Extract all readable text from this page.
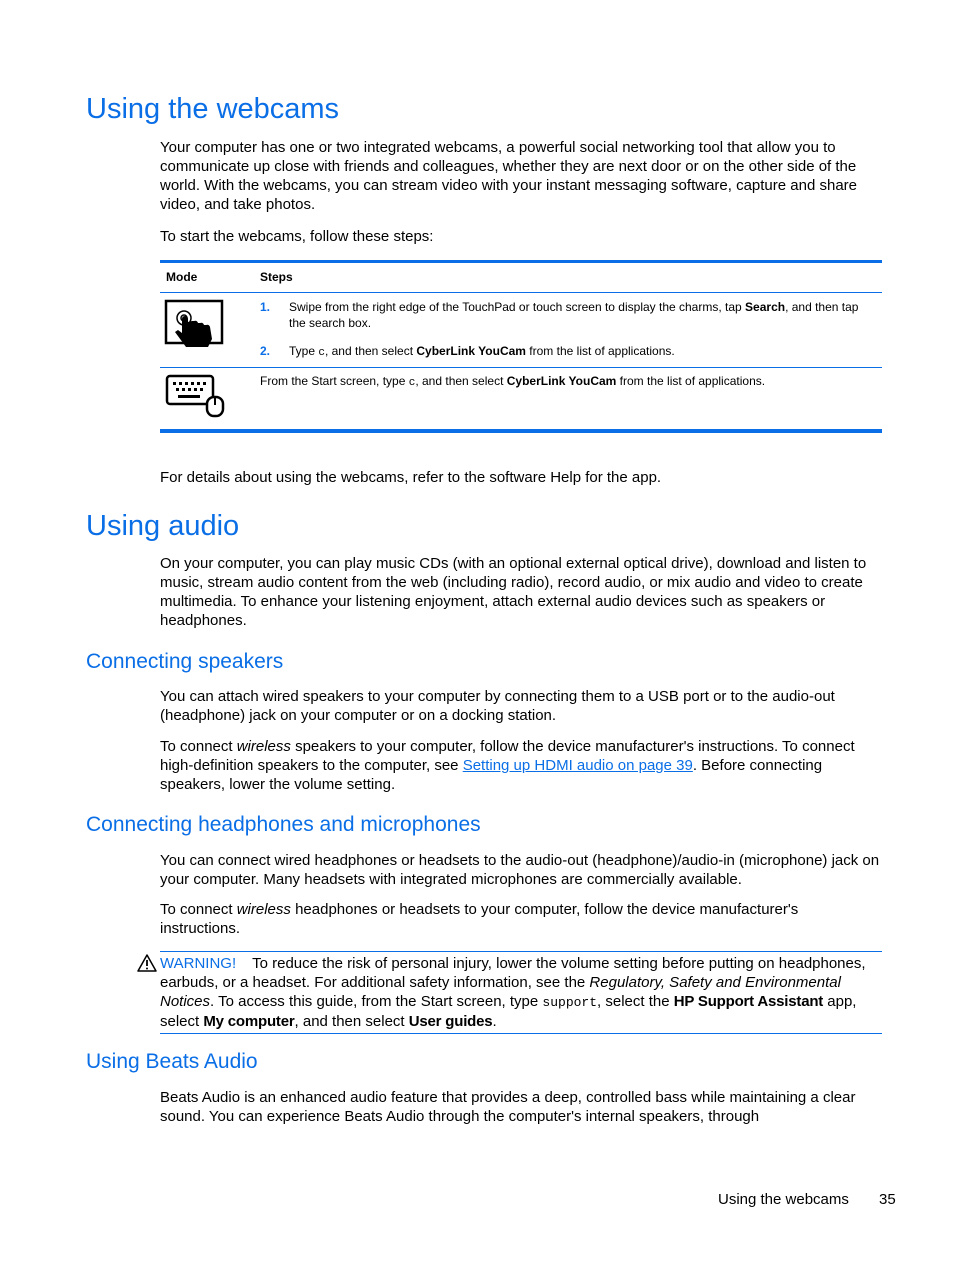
Using the webcams

Your computer has one or two integrated webcams, a powerful social networking tool that allow you to communicate up close with friends and colleagues, whether they are next door or on the other side of the world. With the webcams, you can stream video with your instant messaging software, capture and share video, and take photos.

To start the webcams, follow these steps:

Mode	Steps
1. Swipe from the right edge of the TouchPad or touch screen to display the charms, tap Search, and then tap the search box.
2. Type c, and then select CyberLink YouCam from the list of applications.
From the Start screen, type c, and then select CyberLink YouCam from the list of applications.

For details about using the webcams, refer to the software Help for the app.

Using audio

On your computer, you can play music CDs (with an optional external optical drive), download and listen to music, stream audio content from the web (including radio), record audio, or mix audio and video to create multimedia. To enhance your listening enjoyment, attach external audio devices such as speakers or headphones.

Connecting speakers

You can attach wired speakers to your computer by connecting them to a USB port or to the audio-out (headphone) jack on your computer or on a docking station.

To connect wireless speakers to your computer, follow the device manufacturer's instructions. To connect high-definition speakers to the computer, see Setting up HDMI audio on page 39. Before connecting speakers, lower the volume setting.

Connecting headphones and microphones

You can connect wired headphones or headsets to the audio-out (headphone)/audio-in (microphone) jack on your computer. Many headsets with integrated microphones are commercially available.

To connect wireless headphones or headsets to your computer, follow the device manufacturer's instructions.

WARNING! To reduce the risk of personal injury, lower the volume setting before putting on headphones, earbuds, or a headset. For additional safety information, see the Regulatory, Safety and Environmental Notices. To access this guide, from the Start screen, type support, select the HP Support Assistant app, select My computer, and then select User guides.

Using Beats Audio

Beats Audio is an enhanced audio feature that provides a deep, controlled bass while maintaining a clear sound. You can experience Beats Audio through the computer's internal speakers, through

Using the webcams 35
